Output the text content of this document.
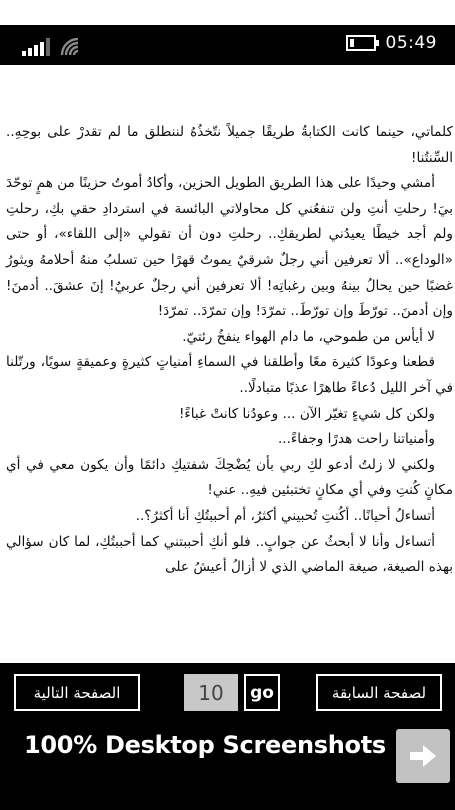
05:49

كلماتي، حينما كانت الكتابةُ طريقًا جميلاً نتّخذُهُ لننطلق ما لم تقدرْ على بوحِهِ.. السِّنتُنا!

أمشي وحيدًا على هذا الطريق الطويل الحزين، وأكادُ أموتُ حزينًا من همٍ توحّدَ بيَ! رحلتِ أنتِ ولن تنفعُني كل محاولاتي البائسة في استردادِ حقي بكِ، رحلتِ ولم أجد خيطًا يعيدُني لطريقكِ.. رحلتِ دون أن تقولي «إلى اللقاء»، أو حتى «الوداع».. ألا تعرفين أني رجلٌ شرقيٌ يموتُ قهرًا حين تسلبُ منهُ أحلامهُ ويثورُ غضبًا حين يحالُ بينهُ وبين رغباتِه! ألا تعرفين أني رجلٌ عربيٌ! إنَ عشقَ.. أدمنَ! وإن أدمنَ.. تورّطَ وإن تورّطَ.. تمرّدَ! وإن تمرّدَ.. تمرّدَ!

لا أيأس من طموحي، ما دام الهواء ينفخُ رئتيّ.

قطعنا وعودًا كثيرة معًا وأطلقنا في السماءِ أمنياتٍ كثيرةٍ وعميقةٍ سويًا، ورتّلنا في آخر الليل دُعاءً طاهرًا عذبًا متبادلًا..

ولكن كل شيءٍ تغيّر الآن ... وعودُنا كانتْ غباءً!

وأمنياتنا راحت هدرًا وجفاءً...

ولكني لا زلتُ أدعو لكِ ربي بأن يُضْحِكَ شفتيكِ دائمًا وأن يكون معي في أي مكانٍ كُنتِ وفي أي مكانٍ تختبئين فيهِ.. عني!

أتساءلُ أحيانًا.. أكُنتِ تُحبيني أكثرُ، أم أحببتُكِ أنا أكثرُ؟..

أتساءل وأنا لا أبحثُ عن جوابٍ.. فلو أنكِ أحببتني كما أحببتُكِ، لما كان سؤالي بهذه الصيغة، صيغة الماضي الذي لا أزالُ أعيشُ على

الصفحة التالية
10	go	لصفحة السابقة
100% Desktop Screenshots
